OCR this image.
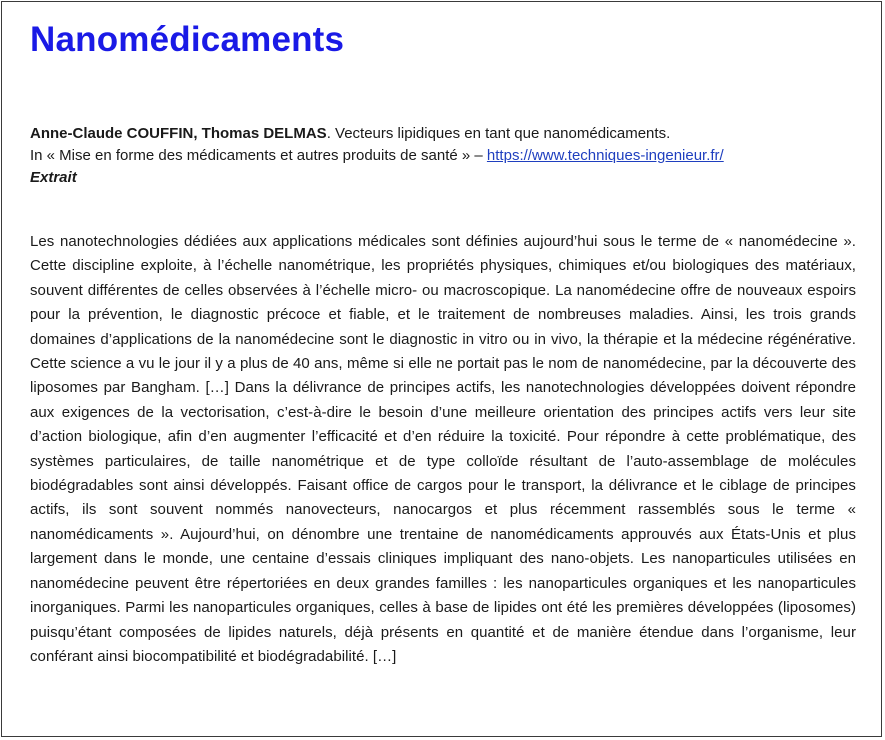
Nanomédicaments
Anne-Claude COUFFIN, Thomas DELMAS. Vecteurs lipidiques en tant que nanomédicaments.
In « Mise en forme des médicaments et autres produits de santé » – https://www.techniques-ingenieur.fr/
Extrait

Les nanotechnologies dédiées aux applications médicales sont définies aujourd’hui sous le terme de « nanomédecine ». Cette discipline exploite, à l’échelle nanométrique, les propriétés physiques, chimiques et/ou biologiques des matériaux, souvent différentes de celles observées à l’échelle micro- ou macroscopique. La nanomédecine offre de nouveaux espoirs pour la prévention, le diagnostic précoce et fiable, et le traitement de nombreuses maladies. Ainsi, les trois grands domaines d’applications de la nanomédecine sont le diagnostic in vitro ou in vivo, la thérapie et la médecine régénérative. Cette science a vu le jour il y a plus de 40 ans, même si elle ne portait pas le nom de nanomédecine, par la découverte des liposomes par Bangham. […] Dans la délivrance de principes actifs, les nanotechnologies développées doivent répondre aux exigences de la vectorisation, c’est-à-dire le besoin d’une meilleure orientation des principes actifs vers leur site d’action biologique, afin d’en augmenter l’efficacité et d’en réduire la toxicité. Pour répondre à cette problématique, des systèmes particulaires, de taille nanométrique et de type colloïde résultant de l’auto-assemblage de molécules biodégradables sont ainsi développés. Faisant office de cargos pour le transport, la délivrance et le ciblage de principes actifs, ils sont souvent nommés nanovecteurs, nanocargos et plus récemment rassemblés sous le terme « nanomédicaments ». Aujourd’hui, on dénombre une trentaine de nanomédicaments approuvés aux États-Unis et plus largement dans le monde, une centaine d’essais cliniques impliquant des nano-objets. Les nanoparticules utilisées en nanomédecine peuvent être répertoriées en deux grandes familles : les nanoparticules organiques et les nanoparticules inorganiques. Parmi les nanoparticules organiques, celles à base de lipides ont été les premières développées (liposomes) puisqu’étant composées de lipides naturels, déjà présents en quantité et de manière étendue dans l’organisme, leur conférant ainsi biocompatibilité et biodégradabilité. […]
